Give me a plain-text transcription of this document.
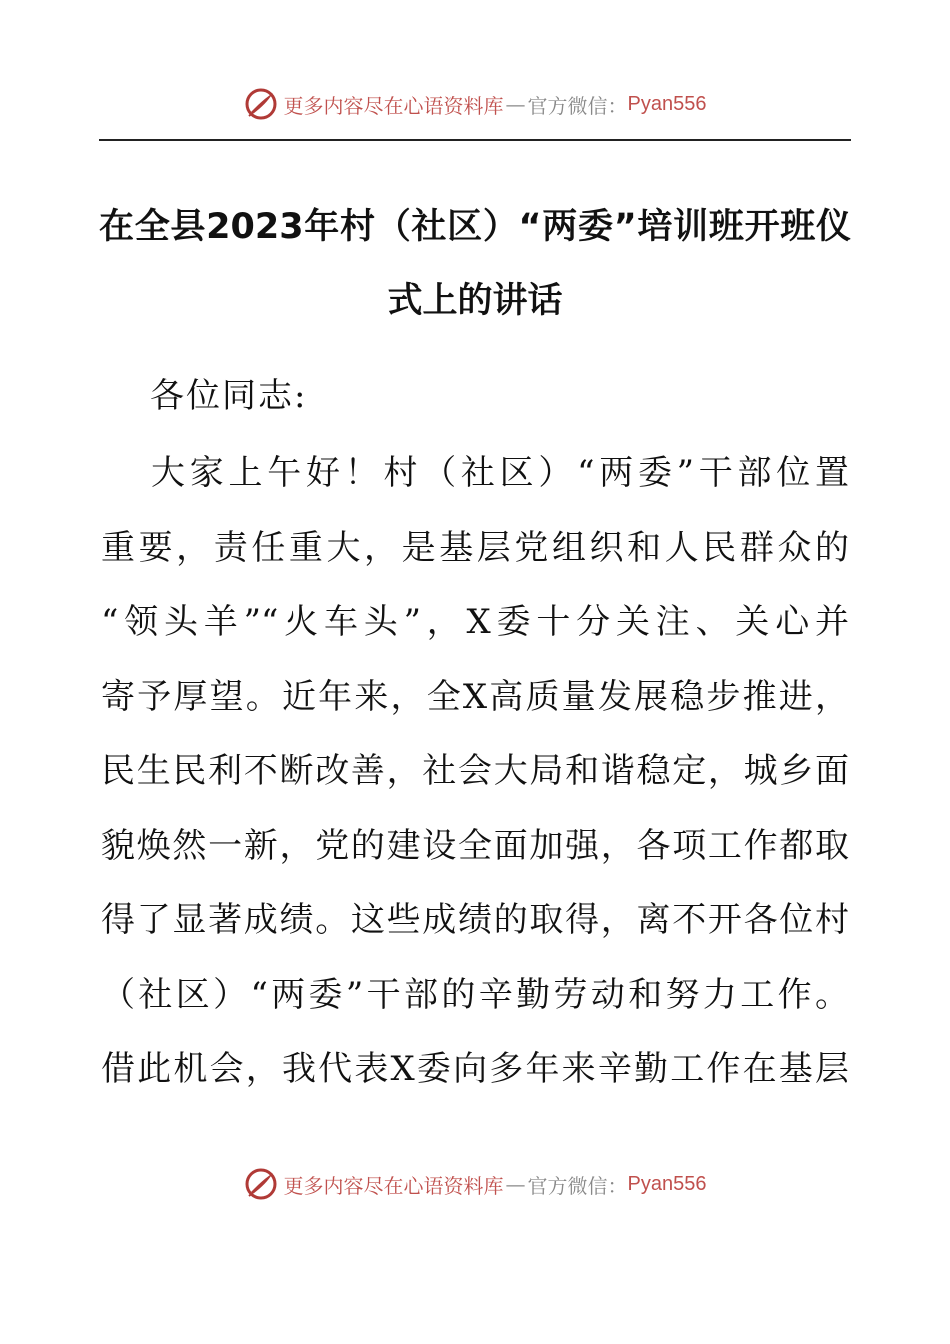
更多内容尽在心语资料库 — 官方微信： Pyan556
在全县2023年村（社区）“两委”培训班开班仪
式上的讲话
各位同志:
大家上午好！村（社区）“两委”干部位置
重要，责任重大，是基层党组织和人民群众的
“领头羊”“火车头”，X委十分关注、关心并
寄予厚望。近年来，全X高质量发展稳步推进，
民生民利不断改善，社会大局和谐稳定，城乡面
貌焕然一新，党的建设全面加强，各项工作都取
得了显著成绩。这些成绩的取得，离不开各位村
（社区）“两委”干部的辛勤劳动和努力工作。
借此机会，我代表X委向多年来辛勤工作在基层
更多内容尽在心语资料库 — 官方微信： Pyan556
